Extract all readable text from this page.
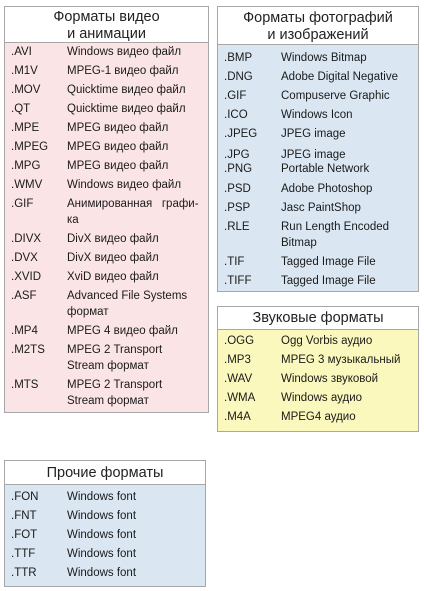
Форматы видео
и анимации
.AVI	Windows видео файл
.M1V	MPEG-1 видео файл
.MOV Quicktime видео файл
.QT	Quicktime видео файл
.MPE MPEG видео файл
.MPEG MPEG видео файл
.MPG MPEG видео файл
.WMV Windows видео файл
.GIF	Анимированная   графи-
ка
.DIVX DivX видео файл
.DVX	DivX видео файл
.XVID XviD видео файл
.ASF	Advanced File Systems
формат
.MP4	MPEG 4 видео файл
.M2TS MPEG 2 Transport
Stream формат
.MTS MPEG 2 Transport
Stream формат
Форматы фотографий
и изображений
.BMP	Windows Bitmap
.DNG Adobe Digital Negative
.GIF	Compuserve Graphic
.ICO	Windows Icon
.JPEG JPEG image
.JPG	JPEG image
.PNG	Portable Network
.PSD	Adobe Photoshop
.PSP	Jasc PaintShop
.RLE	Run Length Encoded
Bitmap
.TIF	Tagged Image File
.TIFF	Tagged Image File
Звуковые форматы
.OGG Ogg Vorbis аудио
.MP3	MPEG 3 музыкальный
.WAV	Windows звуковой
.WMA Windows аудио
.M4A	MPEG4 аудио
Прочие форматы
.FON Windows font
.FNT	Windows font
.FOT	Windows font
.TTF	Windows font
.TTR	Windows font
